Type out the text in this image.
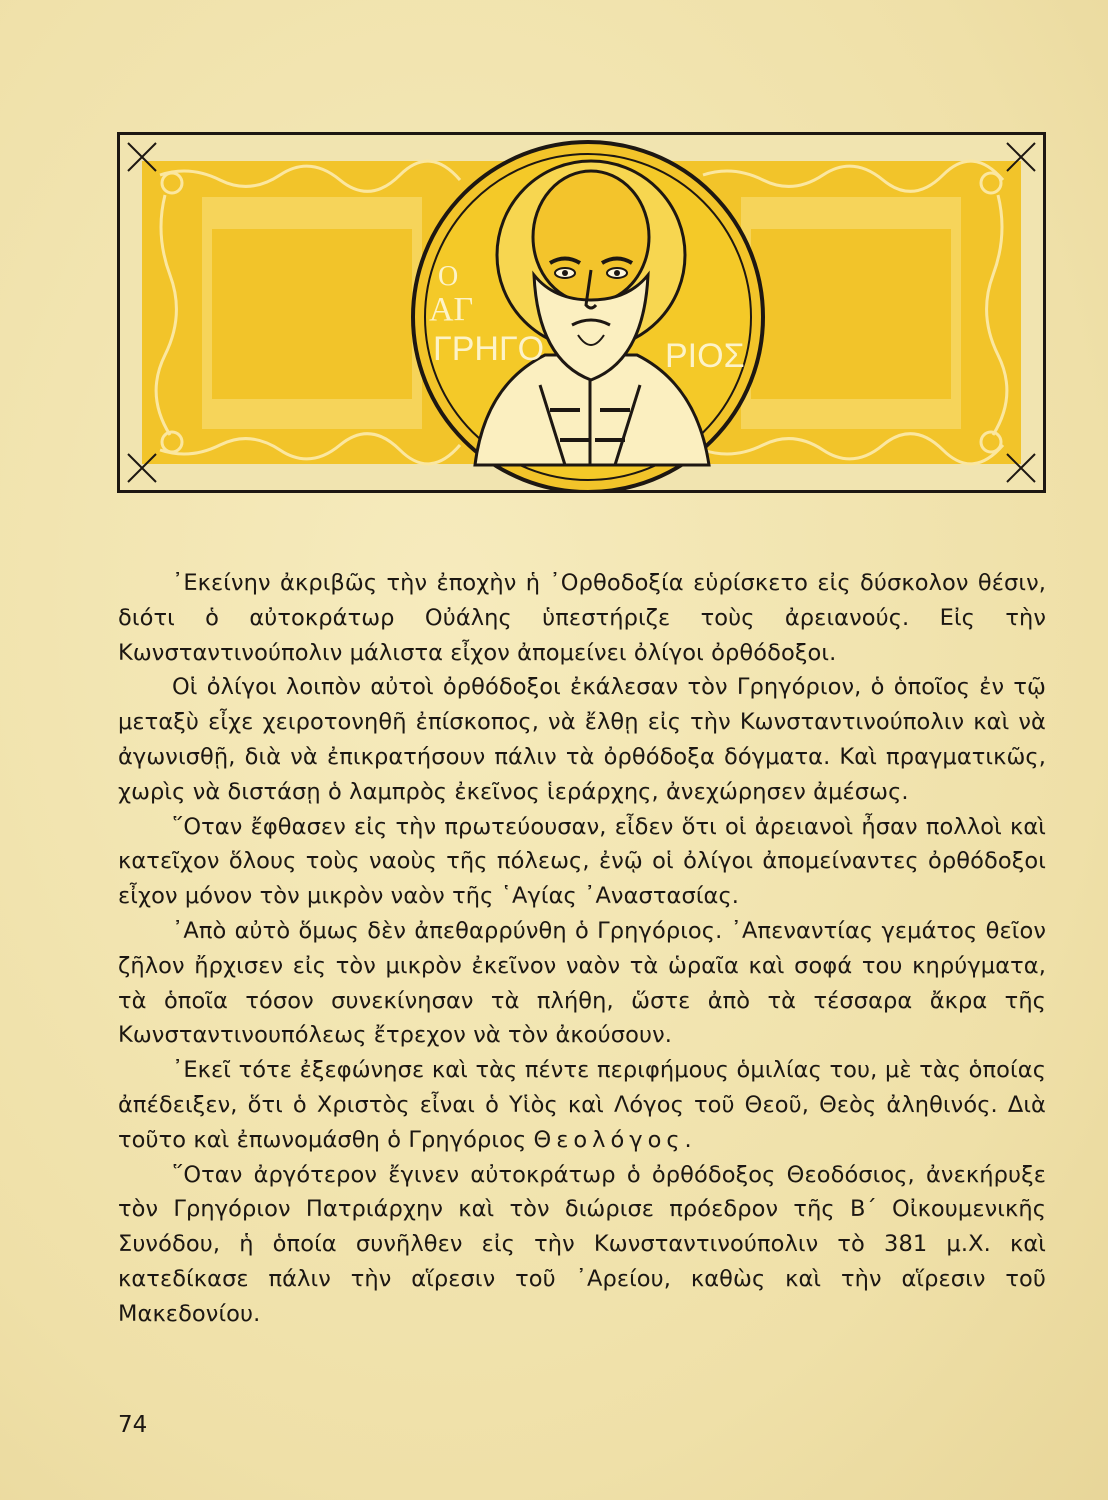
Ο
ΑΓ
ΓΡΗΓΟ	ΡΙΟΣ

᾿Εκείνην ἀκριβῶς τὴν ἐποχὴν ἡ ᾿Ορθοδοξία εὑρίσκετο εἰς δύσκολον θέσιν, διότι ὁ αὐτοκράτωρ Οὐάλης ὑπεστήριζε τοὺς ἀρειανούς. Εἰς τὴν Κωνσταντινούπολιν μάλιστα εἶχον ἀπομείνει ὀλίγοι ὀρθόδοξοι.

Οἱ ὀλίγοι λοιπὸν αὐτοὶ ὀρθόδοξοι ἐκάλεσαν τὸν Γρηγόριον, ὁ ὁποῖος ἐν τῷ μεταξὺ εἶχε χειροτονηθῆ ἐπίσκοπος, νὰ ἔλθῃ εἰς τὴν Κωνσταντινούπολιν καὶ νὰ ἀγωνισθῇ, διὰ νὰ ἐπικρατήσουν πάλιν τὰ ὀρθόδοξα δόγματα. Καὶ πραγματικῶς, χωρὶς νὰ διστάσῃ ὁ λαμπρὸς ἐκεῖνος ἱεράρχης, ἀνεχώρησεν ἀμέσως.

῞Οταν ἔφθασεν εἰς τὴν πρωτεύουσαν, εἶδεν ὅτι οἱ ἀρειανοὶ ἦσαν πολλοὶ καὶ κατεῖχον ὅλους τοὺς ναοὺς τῆς πόλεως, ἐνῷ οἱ ὀλίγοι ἀπομείναντες ὀρθόδοξοι εἶχον μόνον τὸν μικρὸν ναὸν τῆς ῾Αγίας ᾿Αναστασίας.

᾿Απὸ αὐτὸ ὅμως δὲν ἀπεθαρρύνθη ὁ Γρηγόριος. ᾿Απεναντίας γεμάτος θεῖον ζῆλον ἤρχισεν εἰς τὸν μικρὸν ἐκεῖνον ναὸν τὰ ὡραῖα καὶ σοφά του κηρύγματα, τὰ ὁποῖα τόσον συνεκίνησαν τὰ πλήθη, ὥστε ἀπὸ τὰ τέσσαρα ἄκρα τῆς Κωνσταντινουπόλεως ἔτρεχον νὰ τὸν ἀκούσουν.

᾿Εκεῖ τότε ἐξεφώνησε καὶ τὰς πέντε περιφήμους ὁμιλίας του, μὲ τὰς ὁποίας ἀπέδειξεν, ὅτι ὁ Χριστὸς εἶναι ὁ Υἱὸς καὶ Λόγος τοῦ Θεοῦ, Θεὸς ἀληθινός. Διὰ τοῦτο καὶ ἐπωνομάσθη ὁ Γρηγόριος Θεολόγος.

῞Οταν ἀργότερον ἔγινεν αὐτοκράτωρ ὁ ὀρθόδοξος Θεοδόσιος, ἀνεκήρυξε τὸν Γρηγόριον Πατριάρχην καὶ τὸν διώρισε πρόεδρον τῆς Β΄ Οἰκουμενικῆς Συνόδου, ἡ ὁποία συνῆλθεν εἰς τὴν Κωνσταντινούπολιν τὸ 381 μ.Χ. καὶ κατεδίκασε πάλιν τὴν αἵρεσιν τοῦ ᾿Αρείου, καθὼς καὶ τὴν αἵρεσιν τοῦ Μακεδονίου.

74
